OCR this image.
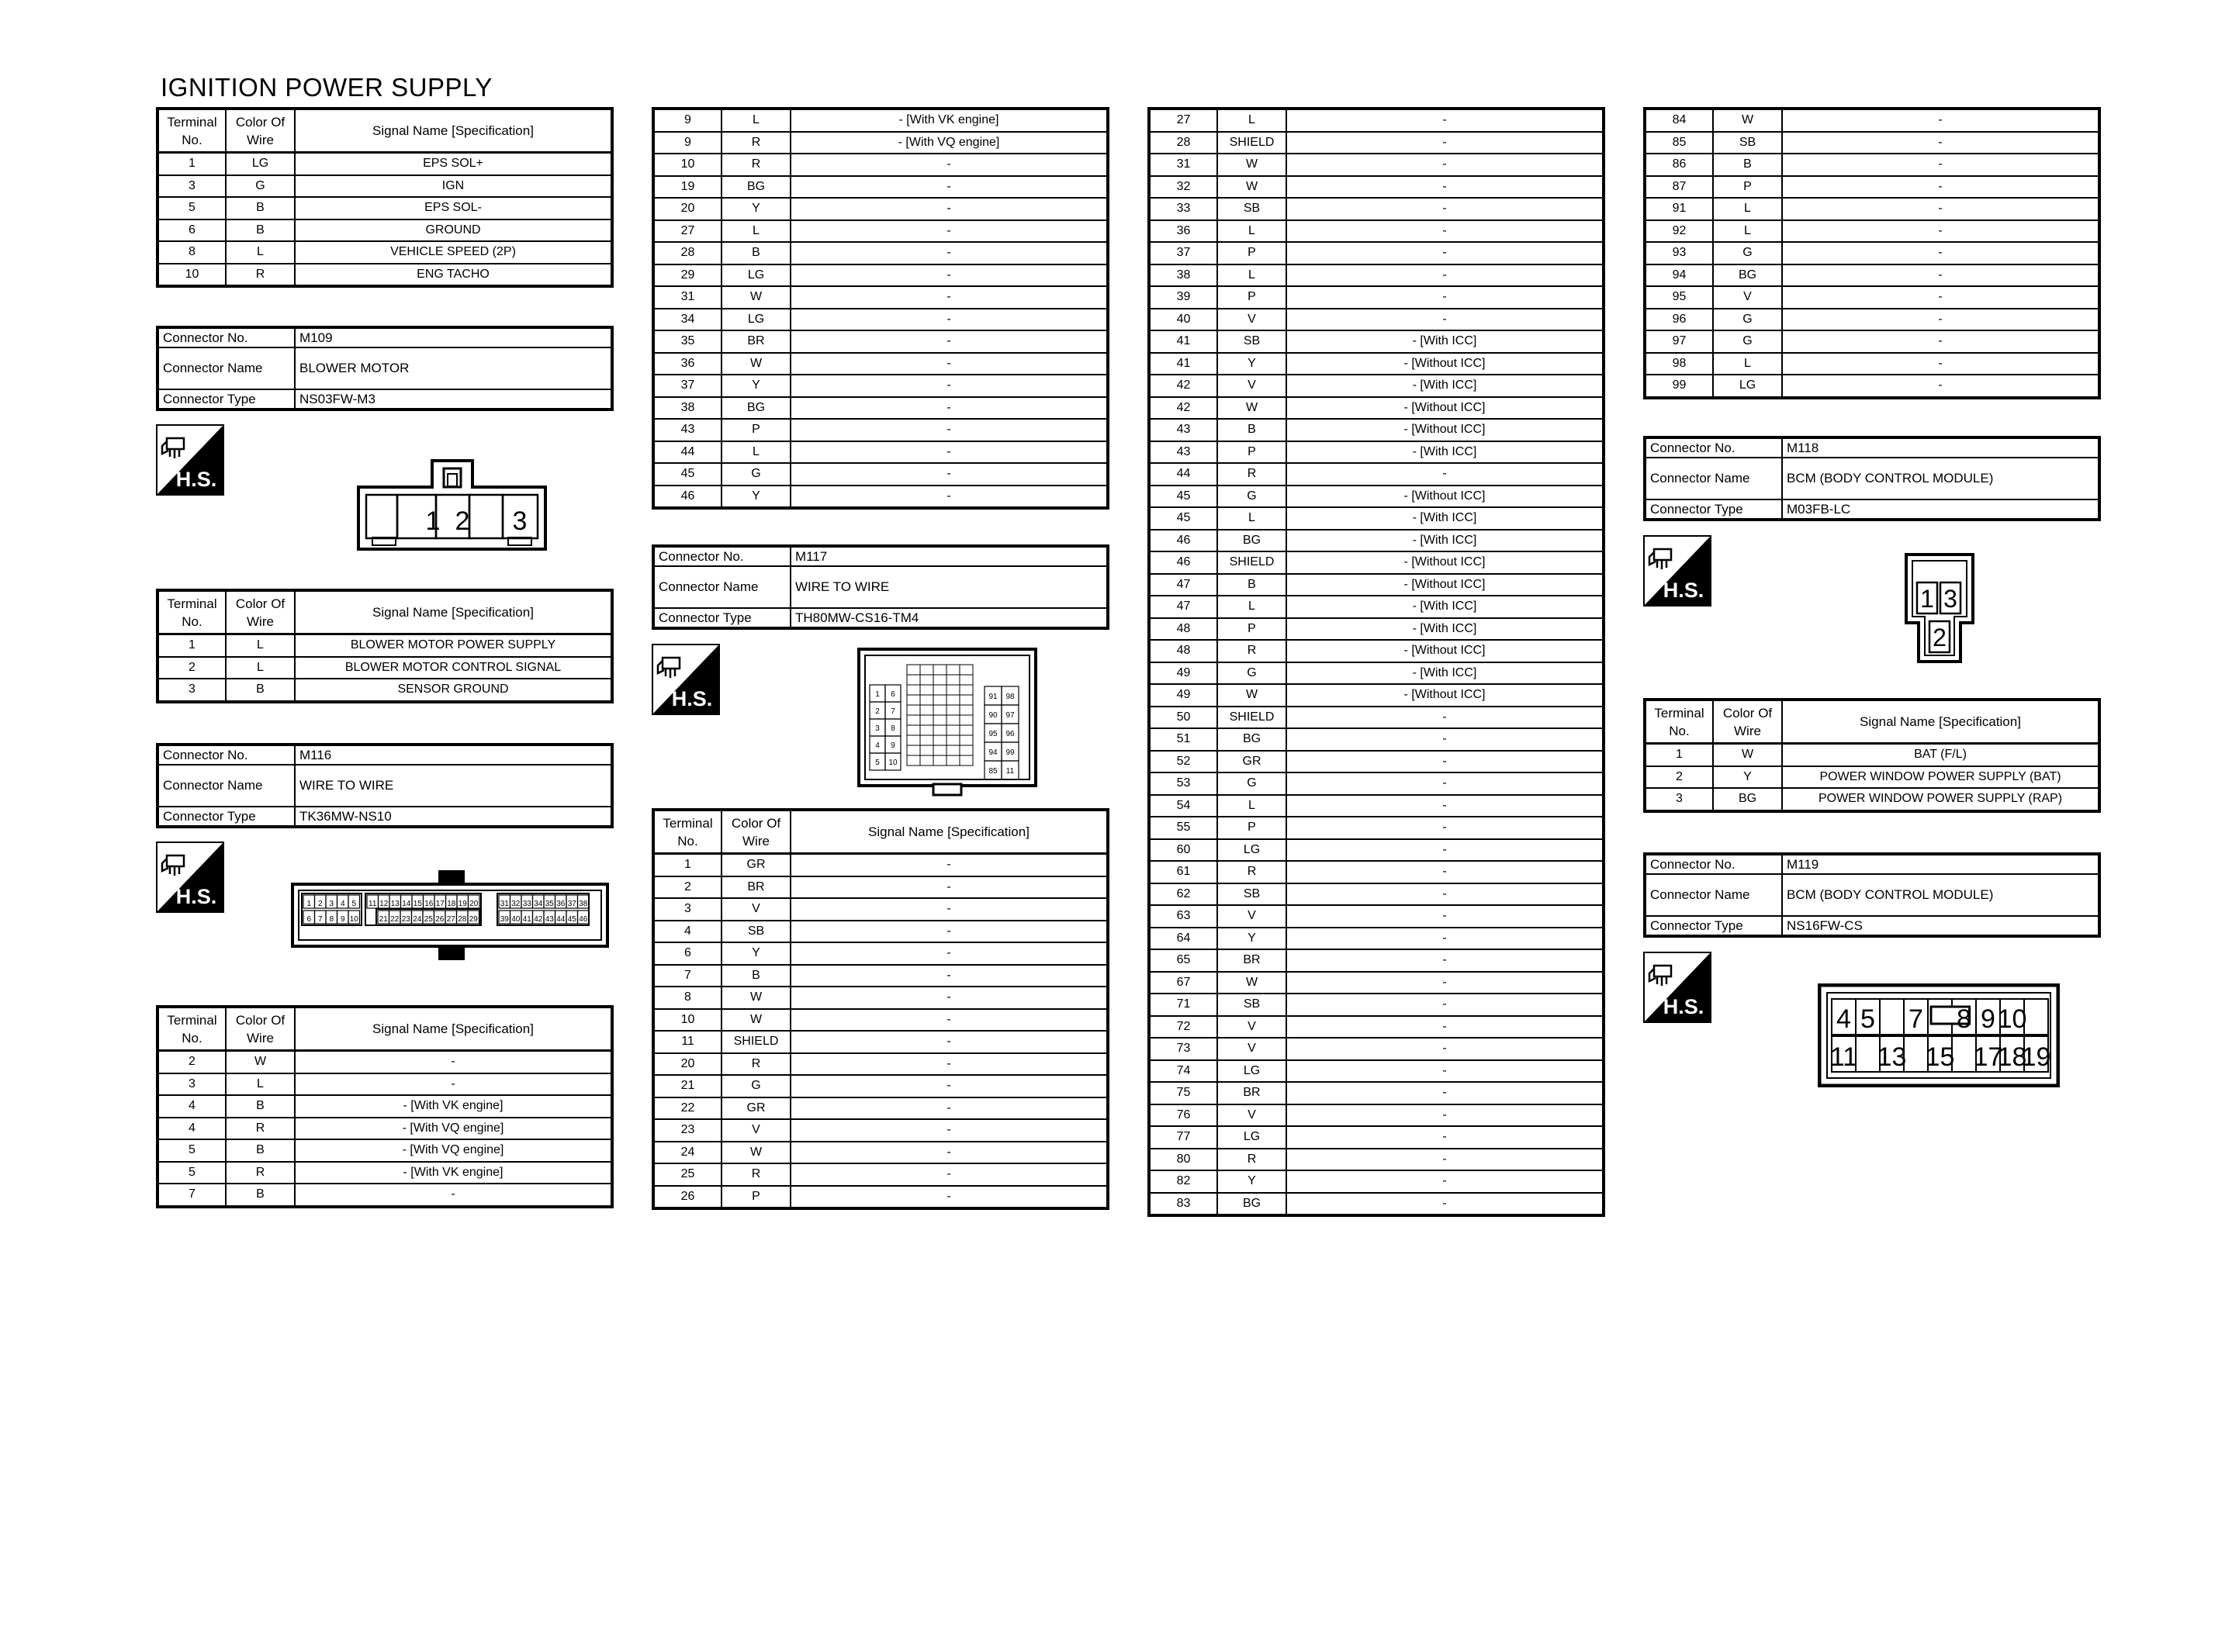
IGNITION POWER SUPPLY
Terminal No.	Color Of Wire	Signal Name [Specification]
1	LG	EPS SOL+
3	G	IGN
5	B	EPS SOL-
6	B	GROUND
8	L	VEHICLE SPEED (2P)
10	R	ENG TACHO
Connector No.	M109
Connector Name	BLOWER MOTOR
Connector Type	NS03FW-M3
H.S.
1 2 3
Terminal No.	Color Of Wire	Signal Name [Specification]
1	L	BLOWER MOTOR POWER SUPPLY
2	L	BLOWER MOTOR CONTROL SIGNAL
3	B	SENSOR GROUND
Connector No.	M116
Connector Name	WIRE TO WIRE
Connector Type	TK36MW-NS10
H.S.	1 2 3 4 5 11 12 13 14 15 16 17 18 19 20	31 32 33 34 35 36 37 38
6 7 8 9 10	21 22 23 24 25 26 27 28 29	39 40 41 42 43 44 45 46
Terminal No.	Color Of Wire	Signal Name [Specification]
2	W	-
3	L	-
4	B	- [With VK engine]
4	R	- [With VQ engine]
5	B	- [With VQ engine]
5	R	- [With VK engine]
7	B	-
9	L	- [With VK engine]
9	R	- [With VQ engine]
10	R	-
19	BG	-
20	Y	-
27	L	-
28	B	-
29	LG	-
31	W	-
34	LG	-
35	BR	-
36	W	-
37	Y	-
38	BG	-
43	P	-
44	L	-
45	G	-
46	Y	-
Connector No.	M117
Connector Name	WIRE TO WIRE
Connector Type	TH80MW-CS16-TM4
H.S.	1 6
2 7
3 8
4 9
5 10
91 98
90 97
95 96
94 99
85 11
Terminal No.	Color Of Wire	Signal Name [Specification]
1	GR	-
2	BR	-
3	V	-
4	SB	-
6	Y	-
7	B	-
8	W	-
10	W	-
11	SHIELD	-
20	R	-
21	G	-
22	GR	-
23	V	-
24	W	-
25	R	-
26	P	-
27	L	-
28	SHIELD	-
31	W	-
32	W	-
33	SB	-
36	L	-
37	P	-
38	L	-
39	P	-
40	V	-
41	SB	- [With ICC]
41	Y	- [Without ICC]
42	V	- [With ICC]
42	W	- [Without ICC]
43	B	- [Without ICC]
43	P	- [With ICC]
44	R	-
45	G	- [Without ICC]
45	L	- [With ICC]
46	BG	- [With ICC]
46	SHIELD	- [Without ICC]
47	B	- [Without ICC]
47	L	- [With ICC]
48	P	- [With ICC]
48	R	- [Without ICC]
49	G	- [With ICC]
49	W	- [Without ICC]
50	SHIELD	-
51	BG	-
52	GR	-
53	G	-
54	L	-
55	P	-
60	LG	-
61	R	-
62	SB	-
63	V	-
64	Y	-
65	BR	-
67	W	-
71	SB	-
72	V	-
73	V	-
74	LG	-
75	BR	-
76	V	-
77	LG	-
80	R	-
82	Y	-
83	BG	-
84	W	-
85	SB	-
86	B	-
87	P	-
91	L	-
92	L	-
93	G	-
94	BG	-
95	V	-
96	G	-
97	G	-
98	L	-
99	LG	-
Connector No.	M118
Connector Name	BCM (BODY CONTROL MODULE)
Connector Type	M03FB-LC
H.S.	1 3
2
Terminal No.	Color Of Wire	Signal Name [Specification]
1	W	BAT (F/L)
2	Y	POWER WINDOW POWER SUPPLY (BAT)
3	BG	POWER WINDOW POWER SUPPLY (RAP)
Connector No.	M119
Connector Name	BCM (BODY CONTROL MODULE)
Connector Type	NS16FW-CS
H.S.	4 5 7 8 9 10
11 13 15 17
18
19
